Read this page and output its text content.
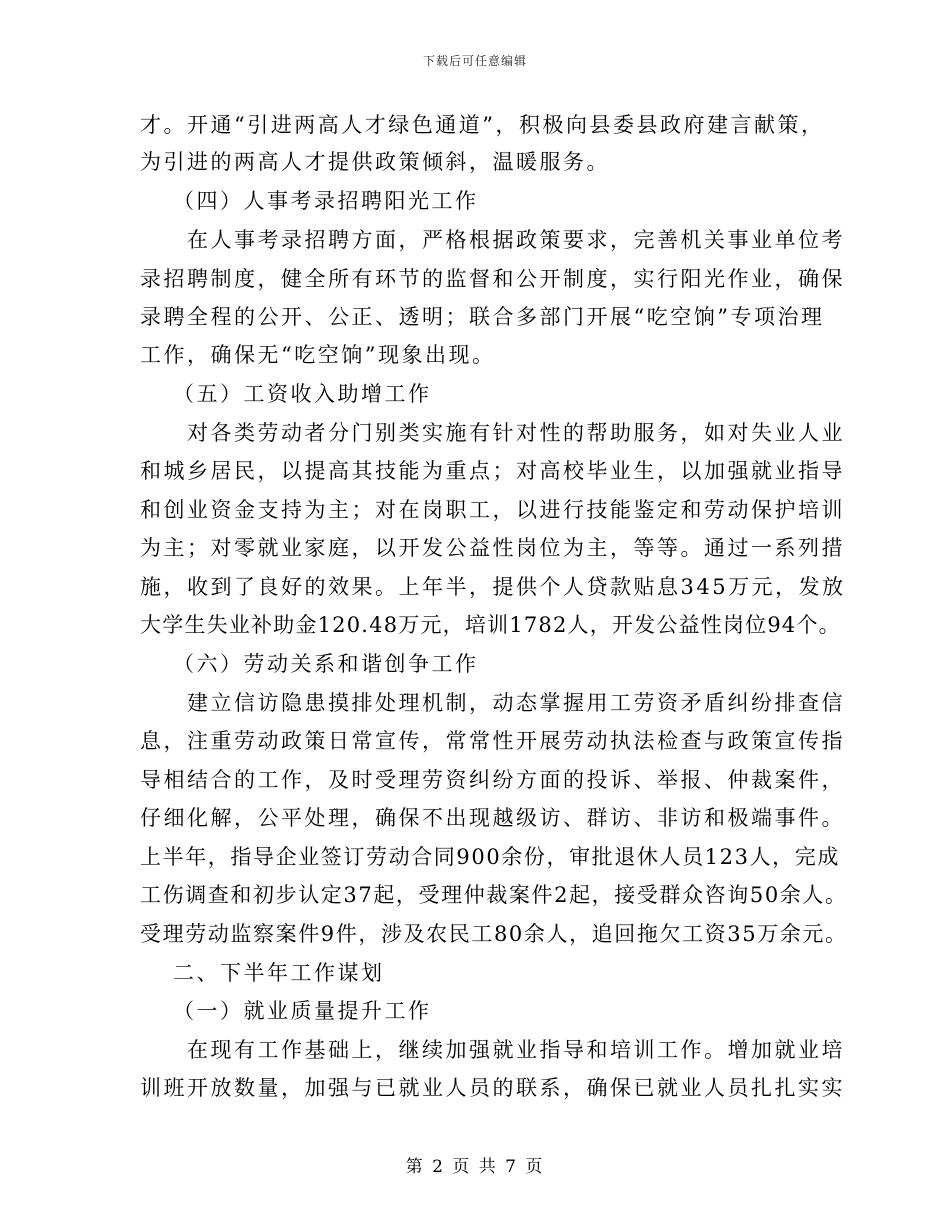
下载后可任意编辑
才。开通“引进两高人才绿色通道”，积极向县委县政府建言献策，
为引进的两高人才提供政策倾斜，温暖服务。
（四）人事考录招聘阳光工作
在人事考录招聘方面，严格根据政策要求，完善机关事业单位考
录招聘制度，健全所有环节的监督和公开制度，实行阳光作业，确保
录聘全程的公开、公正、透明；联合多部门开展“吃空饷”专项治理
工作，确保无“吃空饷”现象出现。
（五）工资收入助增工作
对各类劳动者分门别类实施有针对性的帮助服务，如对失业人业
和城乡居民，以提高其技能为重点；对高校毕业生，以加强就业指导
和创业资金支持为主；对在岗职工，以进行技能鉴定和劳动保护培训
为主；对零就业家庭，以开发公益性岗位为主，等等。通过一系列措
施，收到了良好的效果。上年半，提供个人贷款贴息345万元，发放
大学生失业补助金120.48万元，培训1782人，开发公益性岗位94个。
（六）劳动关系和谐创争工作
建立信访隐患摸排处理机制，动态掌握用工劳资矛盾纠纷排查信
息，注重劳动政策日常宣传，常常性开展劳动执法检查与政策宣传指
导相结合的工作，及时受理劳资纠纷方面的投诉、举报、仲裁案件，
仔细化解，公平处理，确保不出现越级访、群访、非访和极端事件。
上半年，指导企业签订劳动合同900余份，审批退休人员123人，完成
工伤调查和初步认定37起，受理仲裁案件2起，接受群众咨询50余人。
受理劳动监察案件9件，涉及农民工80余人，追回拖欠工资35万余元。
二、下半年工作谋划
（一）就业质量提升工作
在现有工作基础上，继续加强就业指导和培训工作。增加就业培
训班开放数量，加强与已就业人员的联系，确保已就业人员扎扎实实
第 2 页 共 7 页
